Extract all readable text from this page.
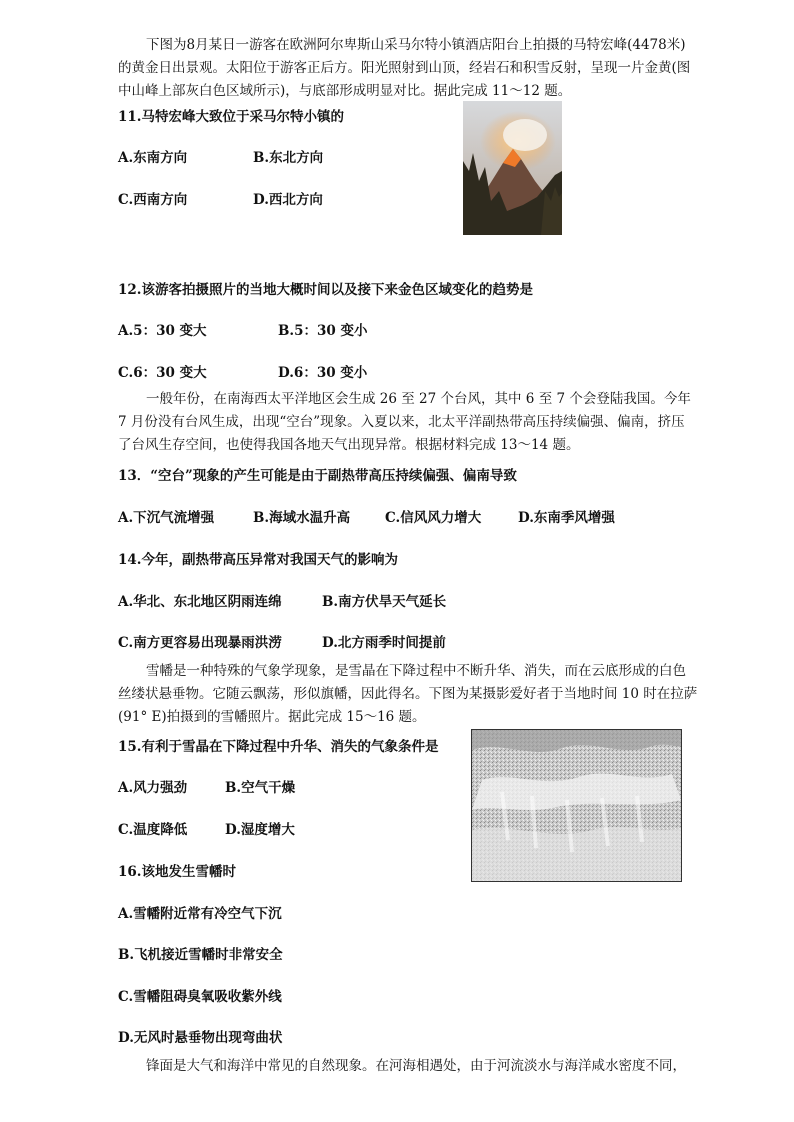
下图为8月某日一游客在欧洲阿尔卑斯山采马尔特小镇酒店阳台上拍摄的马特宏峰(4478米)的黄金日出景观。太阳位于游客正后方。阳光照射到山顶，经岩石和积雪反射，呈现一片金黄(图中山峰上部灰白色区域所示)，与底部形成明显对比。据此完成 11～12 题。

11.马特宏峰大致位于采马尔特小镇的
A.东南方向	B.东北方向
C.西南方向	D.西北方向
12.该游客拍摄照片的当地大概时间以及接下来金色区域变化的趋势是
A.5：30 变大	B.5：30 变小
C.6：30 变大	D.6：30 变小

一般年份，在南海西太平洋地区会生成 26 至 27 个台风，其中 6 至 7 个会登陆我国。今年 7 月份没有台风生成，出现“空台”现象。入夏以来，北太平洋副热带高压持续偏强、偏南，挤压了台风生存空间，也使得我国各地天气出现异常。根据材料完成 13～14 题。

13．“空台”现象的产生可能是由于副热带高压持续偏强、偏南导致
A.下沉气流增强	B.海域水温升高	C.信风风力增大	D.东南季风增强
14.今年，副热带高压异常对我国天气的影响为
A.华北、东北地区阴雨连绵	B.南方伏旱天气延长
C.南方更容易出现暴雨洪涝	D.北方雨季时间提前

雪幡是一种特殊的气象学现象，是雪晶在下降过程中不断升华、消失，而在云底形成的白色丝缕状悬垂物。它随云飘荡，形似旗幡，因此得名。下图为某摄影爱好者于当地时间 10 时在拉萨(91° E)拍摄到的雪幡照片。据此完成 15～16 题。

15.有利于雪晶在下降过程中升华、消失的气象条件是
A.风力强劲	B.空气干燥
C.温度降低	D.湿度增大
16.该地发生雪幡时
A.雪幡附近常有冷空气下沉
B.飞机接近雪幡时非常安全
C.雪幡阻碍臭氧吸收紫外线
D.无风时悬垂物出现弯曲状

锋面是大气和海洋中常见的自然现象。在河海相遇处，由于河流淡水与海洋咸水密度不同，
